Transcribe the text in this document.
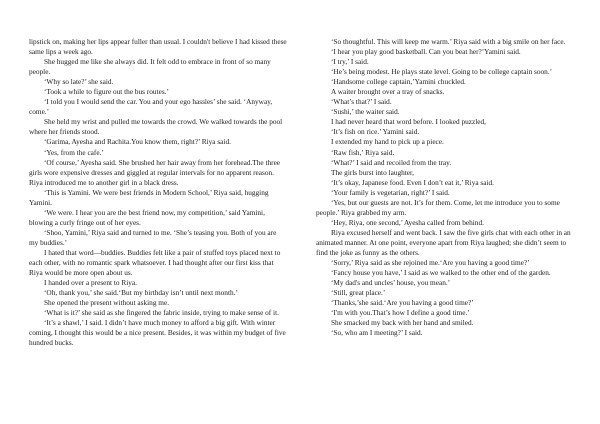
lipstick on, making her lips appear fuller than usual. I couldn't believe I had kissed these same lips a week ago.

She hugged me like she always did. It felt odd to embrace in front of so many people.

‘Why so late?’ she said.

‘Took a while to figure out the bus routes.’

‘I told you I would send the car. You and your ego hassles’ she said. ‘Anyway, come.’

She held my wrist and pulled me towards the crowd. We walked towards the pool where her friends stood.

‘Garima, Ayesha and Rachita.You know them, right?’ Riya said.

‘Yes, from the cafe.’

‘Of course,’ Ayesha said. She brushed her hair away from her forehead.The three girls wore expensive dresses and giggled at regular intervals for no apparent reason. Riya introduced me to another girl in a black dress.

‘This is Yamini. We were best friends in Modern School,’ Riya said, hugging Yamini.

‘We were. I hear you are the best friend now, my competition,’ said Yamini, blowing a curly fringe out of her eyes.

‘Shoo, Yamini,’ Riya said and turned to me. ‘She’s teasing you. Both of you are my buddies.’

I hated that word—buddies. Buddies felt like a pair of stuffed toys placed next to each other, with no romantic spark whatsoever. I had thought after our first kiss that Riya would be more open about us.

I handed over a present to Riya.

‘Oh, thank you,’ she said.‘But my birthday isn’t until next month.’

She opened the present without asking me.

‘What is it?’ she said as she fingered the fabric inside, trying to make sense of it.

‘It’s a shawl,’ I said. I didn’t have much money to afford a big gift. With winter coming, I thought this would be a nice present. Besides, it was within my budget of five hundred bucks.

‘So thoughtful. This will keep me warm.’ Riya said with a big smile on her face.

‘I hear you play good basketball. Can you beat her?’Yamini said.

‘I try,’ I said.

‘He’s being modest. He plays state level. Going to be college captain soon.’

‘Handsome college captain,’Yamini chuckled.

A waiter brought over a tray of snacks.

‘What’s that?’ I said.

‘Sushi,’ the waiter said.

I had never heard that word before. I looked puzzled,

‘It’s fish on rice.’ Yamini said.

I extended my hand to pick up a piece.

‘Raw fish,’ Riya said.

‘What?’ I said and recoiled from the tray.

The girls burst into laughter,

‘It’s okay, Japanese food. Even I don’t eat it,’ Riya said.

‘Your family is vegetarian, right?’ I said.

‘Yes, but our guests are not. It’s for them. Come, let me introduce you to some people.’ Riya grabbed my arm.

‘Hey, Riya, one second,’ Ayesha called from behind.

Riya excused herself and went back. I saw the five girls chat with each other in an animated manner. At one point, everyone apart from Riya laughed; she didn’t seem to find the joke as funny as the others.

‘Sorry,’ Riya said as she rejoined me.‘Are you having a good time?’

‘Fancy house you have,’ I said as we walked to the other end of the garden.

‘My dad's and uncles’ house, you mean.’

‘Still, great place.’

‘Thanks,’she said.‘Are you having a good time?’

‘I'm with you.That’s how I define a good time.’

She smacked my back with her hand and smiled.

‘So, who am I meeting?’ I said.
